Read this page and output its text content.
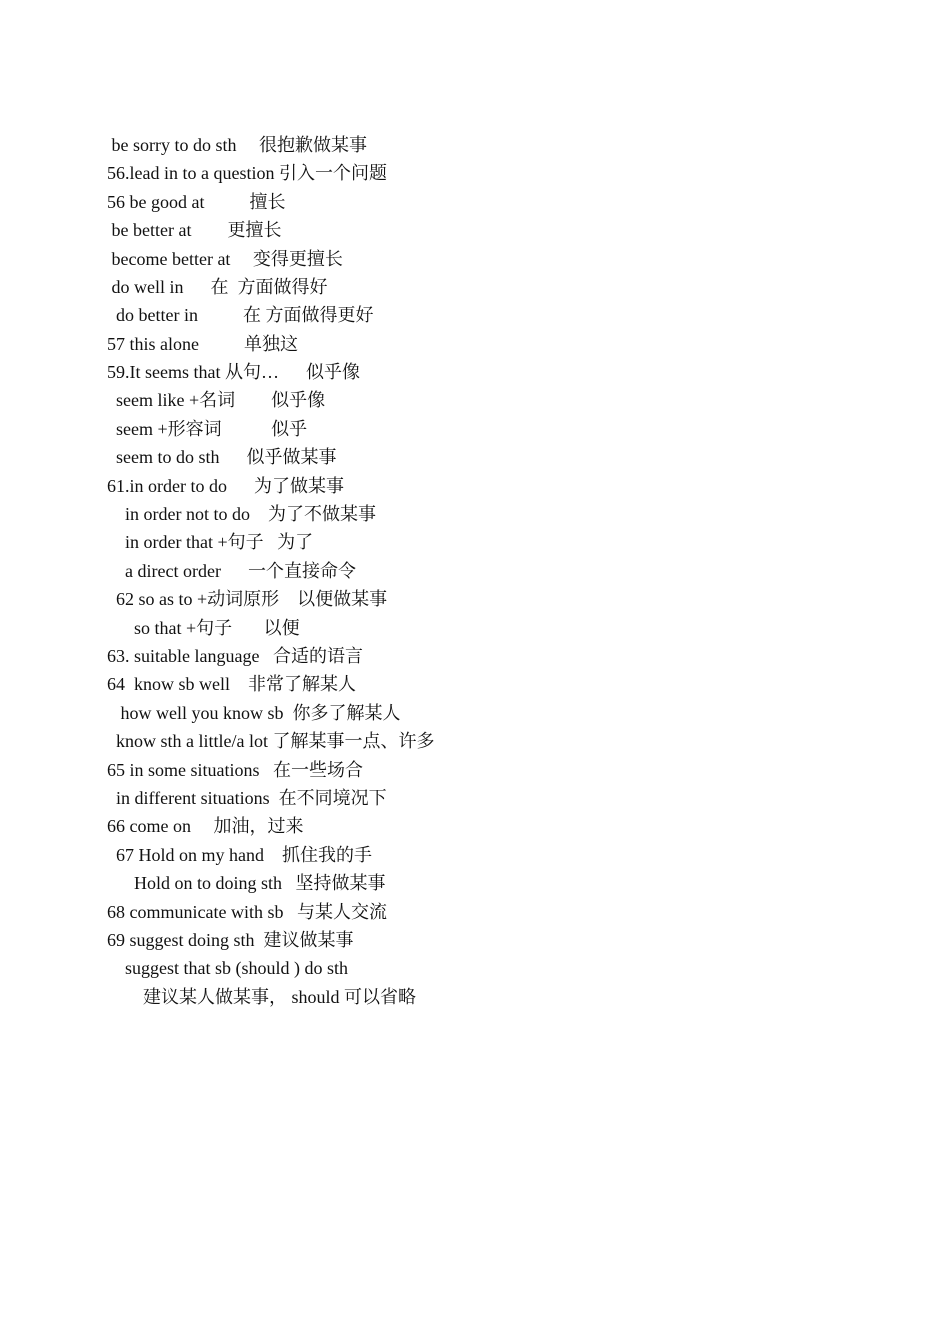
be sorry to do sth     很抱歉做某事
56.lead in to a question 引入一个问题
56 be good at          擅长
be better at        更擅长
become better at     变得更擅长
do well in      在  方面做得好
do better in          在 方面做得更好
57 this alone          单独这
59.It seems that 从句…      似乎像
seem like +名词        似乎像
seem +形容词           似乎
seem to do sth      似乎做某事
61.in order to do      为了做某事
in order not to do    为了不做某事
in order that +句子   为了
a direct order      一个直接命令
62 so as to +动词原形    以便做某事
so that +句子       以便
63. suitable language   合适的语言
64  know sb well    非常了解某人
how well you know sb  你多了解某人
know sth a little/a lot 了解某事一点、许多
65 in some situations   在一些场合
in different situations  在不同境况下
66 come on     加油，过来
67 Hold on my hand    抓住我的手
Hold on to doing sth   坚持做某事
68 communicate with sb   与某人交流
69 suggest doing sth  建议做某事
suggest that sb (should ) do sth
建议某人做某事， should 可以省略
